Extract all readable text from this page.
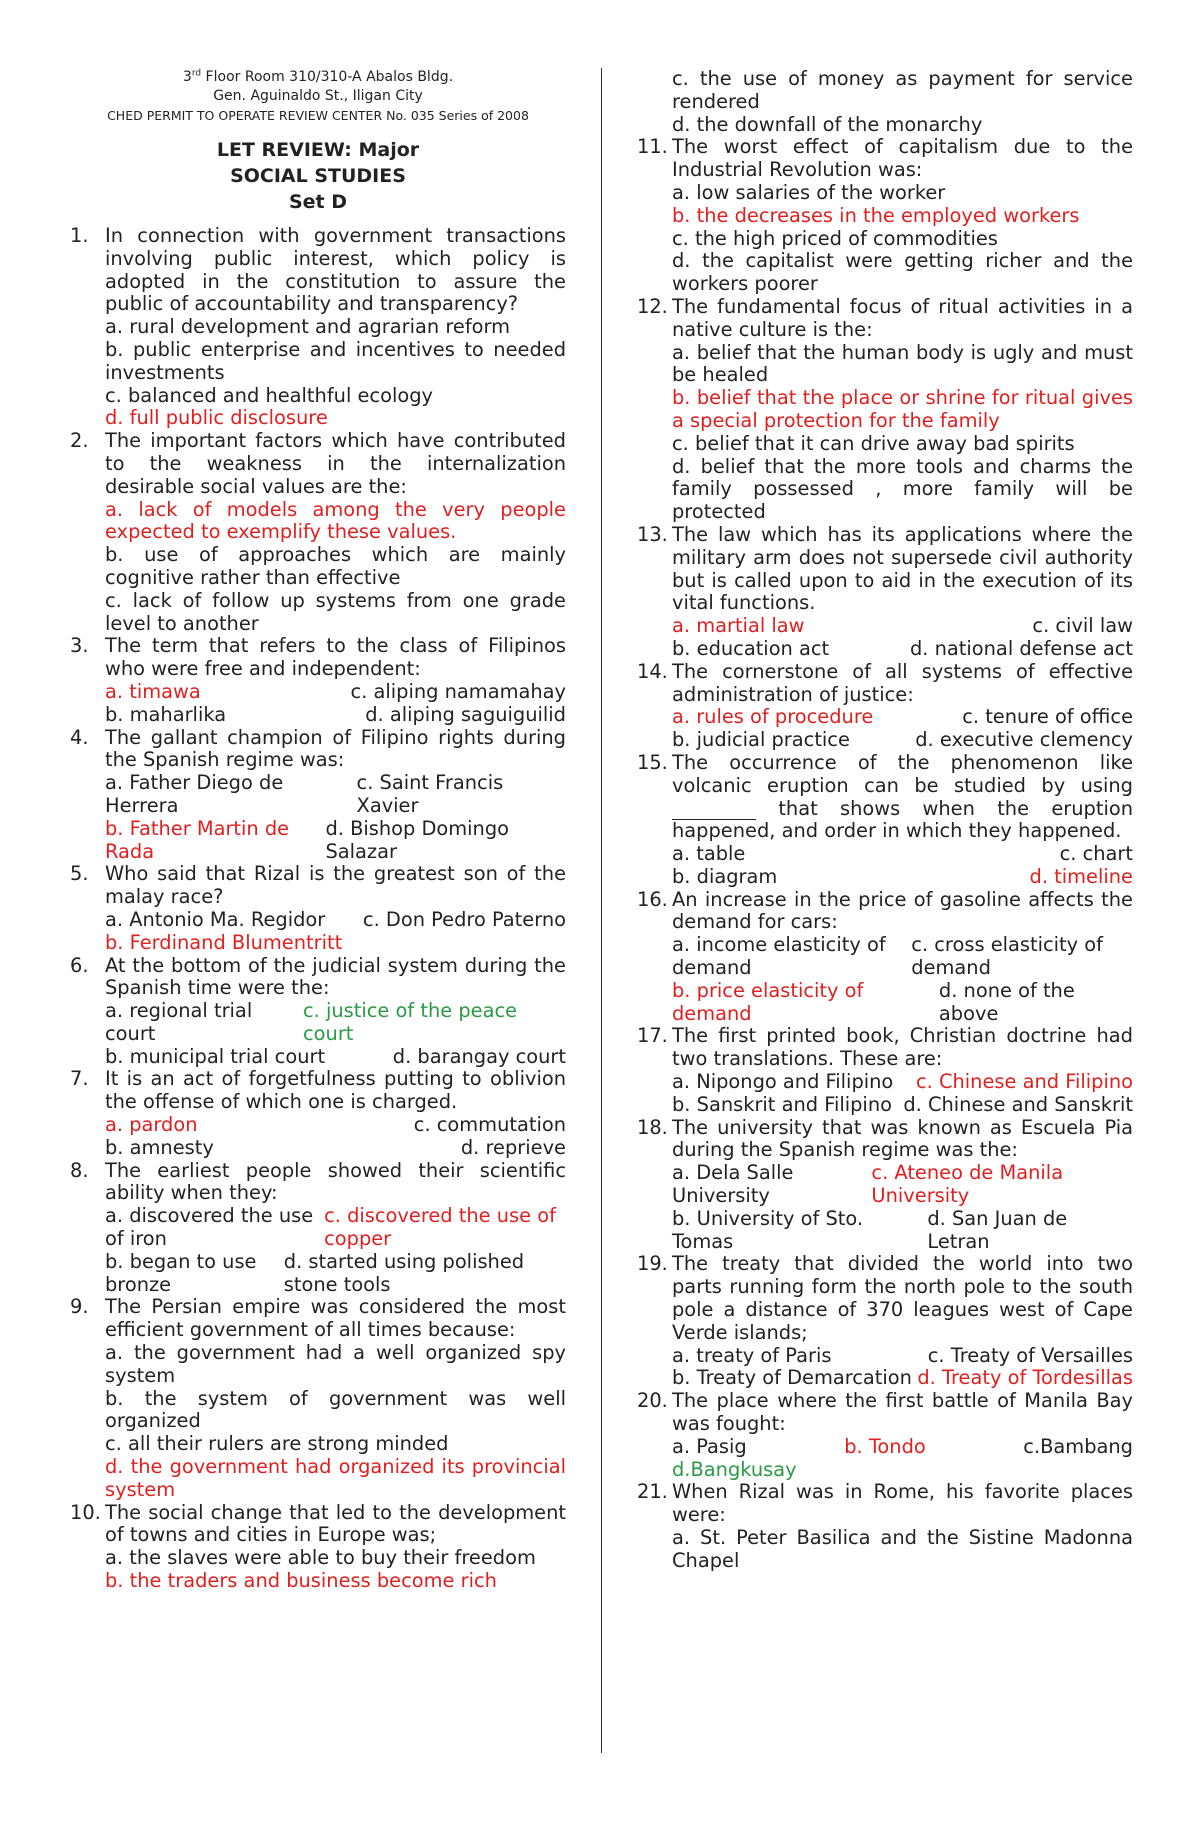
3rd Floor Room 310/310-A Abalos Bldg.
Gen. Aguinaldo St., Iligan City
CHED PERMIT TO OPERATE REVIEW CENTER No. 035 Series of 2008
LET REVIEW: Major
SOCIAL STUDIES
Set D
1. In connection with government transactions involving public interest, which policy is adopted in the constitution to assure the public of accountability and transparency?
a. rural development and agrarian reform
b. public enterprise and incentives to needed investments
c. balanced and healthful ecology
d. full public disclosure
2. The important factors which have contributed to the weakness in the internalization desirable social values are the:
a. lack of models among the very people expected to exemplify these values.
b. use of approaches which are mainly cognitive rather than effective
c. lack of follow up systems from one grade level to another
3. The term that refers to the class of Filipinos who were free and independent:
a. timawa	c. aliping namamahay
b. maharlika	d. aliping saguiguilid
4. The gallant champion of Filipino rights during the Spanish regime was:
a. Father Diego de Herrera
c. Saint Francis Xavier
b. Father Martin de Rada
d. Bishop Domingo Salazar
5. Who said that Rizal is the greatest son of the malay race?
a. Antonio Ma. Regidor c. Don Pedro Paterno
b. Ferdinand Blumentritt
6. At the bottom of the judicial system during the Spanish time were the:
a. regional trial court
c. justice of the peace court
b. municipal trial court	d. barangay court
7. It is an act of forgetfulness putting to oblivion the offense of which one is charged.
a. pardon	c. commutation
b. amnesty	d. reprieve
8. The earliest people showed their scientific ability when they:
a. discovered the use of iron
c. discovered the use of copper
b. began to use bronze
d. started using polished stone tools
9. The Persian empire was considered the most efficient government of all times because:
a. the government had a well organized spy system
b. the system of government was well organized
c. all their rulers are strong minded
d. the government had organized its provincial system
10. The social change that led to the development of towns and cities in Europe was;
a. the slaves were able to buy their freedom
b. the traders and business become rich
c. the use of money as payment for service rendered
d. the downfall of the monarchy
11. The worst effect of capitalism due to the Industrial Revolution was:
a. low salaries of the worker
b. the decreases in the employed workers
c. the high priced of commodities
d. the capitalist were getting richer and the workers poorer
12. The fundamental focus of ritual activities in a native culture is the:
a. belief that the human body is ugly and must be healed
b. belief that the place or shrine for ritual gives a special protection for the family
c. belief that it can drive away bad spirits
d. belief that the more tools and charms the family possessed , more family will be protected
13. The law which has its applications where the military arm does not supersede civil authority but is called upon to aid in the execution of its vital functions.
a. martial law	c. civil law
b. education act	d. national defense act
14. The cornerstone of all systems of effective administration of justice:
a. rules of procedure	c. tenure of office
b. judicial practice	d. executive clemency
15. The occurrence of the phenomenon like volcanic eruption can be studied by using  that shows when the eruption happened, and order in which they happened.
a. table	c. chart
b. diagram	d. timeline
16. An increase in the price of gasoline affects the demand for cars:
a. income elasticity of demand
c. cross elasticity of demand
b. price elasticity of demand
d. none of the above
17. The first printed book, Christian doctrine had two translations. These are:
a. Nipongo and Filipino c. Chinese and Filipino
b. Sanskrit and Filipino d. Chinese and Sanskrit
18. The university that was known as Escuela Pia during the Spanish regime was the:
a. Dela Salle University
c. Ateneo de Manila University
b. University of Sto. Tomas
d. San Juan de Letran
19. The treaty that divided the world into two parts running form the north pole to the south pole a distance of 370 leagues west of Cape Verde islands;
a. treaty of Paris	c. Treaty of Versailles
b. Treaty of Demarcation d. Treaty of Tordesillas
20. The place where the first battle of Manila Bay was fought:
a. Pasig	b. Tondo	c.Bambang
d.Bangkusay
21. When Rizal was in Rome, his favorite places were:
a. St. Peter Basilica and the Sistine Madonna Chapel
